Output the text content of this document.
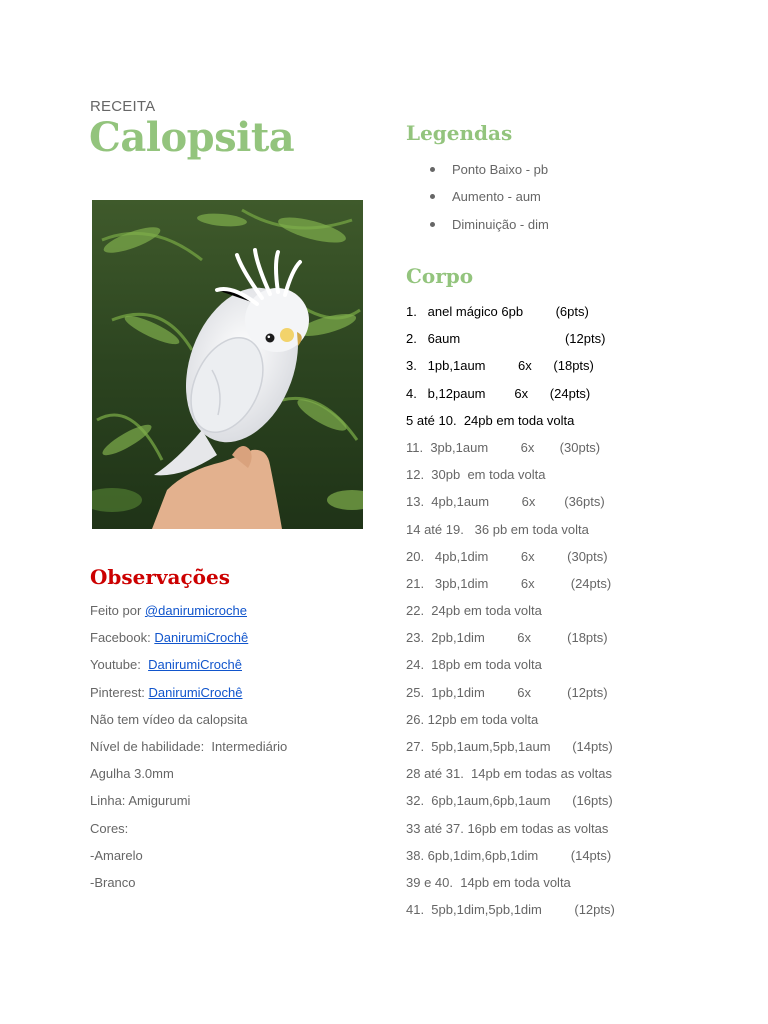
RECEITA
Calopsita	Legendas
Ponto Baixo - pb
Aumento - aum
Diminuição - dim
Corpo
1.   anel mágico 6pb         (6pts)
2.   6aum                             (12pts)
3.   1pb,1aum         6x      (18pts)
4.   b,12paum        6x      (24pts)
5 até 10.  24pb em toda volta
11.  3pb,1aum         6x       (30pts)
12.  30pb  em toda volta
13.  4pb,1aum         6x        (36pts)
14 até 19.   36 pb em toda volta
20.   4pb,1dim         6x         (30pts)
21.   3pb,1dim         6x          (24pts)
22.  24pb em toda volta
23.  2pb,1dim         6x          (18pts)
24.  18pb em toda volta
25.  1pb,1dim         6x          (12pts)
26. 12pb em toda volta
27.  5pb,1aum,5pb,1aum      (14pts)
28 até 31.  14pb em todas as voltas
32.  6pb,1aum,6pb,1aum      (16pts)
33 até 37. 16pb em todas as voltas
38. 6pb,1dim,6pb,1dim         (14pts)
39 e 40.  14pb em toda volta
41.  5pb,1dim,5pb,1dim         (12pts)
Observações
Feito por @danirumicroche
Facebook: DanirumiCrochê
Youtube:  DanirumiCrochê
Pinterest: DanirumiCrochê
Não tem vídeo da calopsita
Nível de habilidade:  Intermediário
Agulha 3.0mm
Linha: Amigurumi
Cores:
-Amarelo
-Branco
